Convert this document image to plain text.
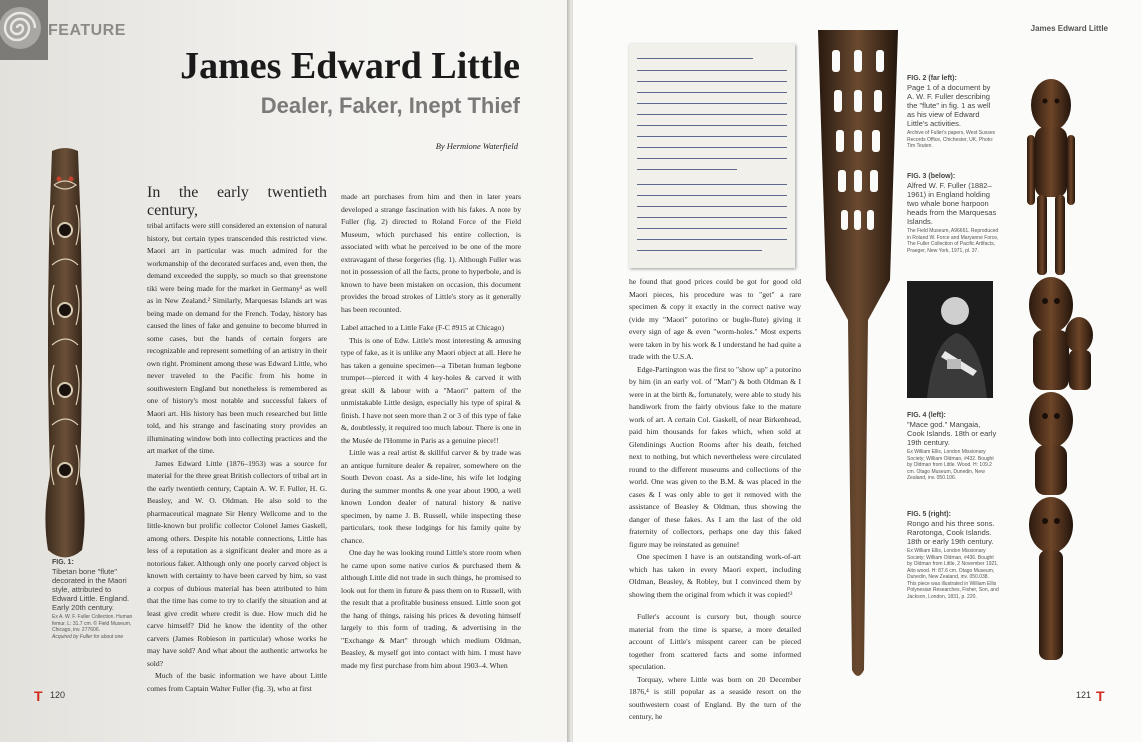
FEATURE
James Edward Little
Dealer, Faker, Inept Thief
By Hermione Waterfield
FIG. 1:
Tibetan bone "flute" decorated in the Maori style, attributed to Edward Little. England. Early 20th century.
Ex A. W. F. Fuller Collection. Human femur. L: 31.7 cm. © Field Museum, Chicago, inv. 277606.
Acquired by Fuller for about one
In the early twentieth century,

tribal artifacts were still considered an extension of natural history, but certain types transcended this restricted view. Maori art in particular was much admired for the workmanship of the decorated surfaces and, even then, the demand exceeded the supply, so much so that greenstone tiki were being made for the market in Germany¹ as well as in New Zealand.² Similarly, Marquesas Islands art was being made on demand for the French. Today, history has caused the lines of fake and genuine to become blurred in some cases, but the hands of certain forgers are recognizable and represent something of an artistry in their own right. Prominent among these was Edward Little, who never traveled to the Pacific from his home in southwestern England but nonetheless is remembered as one of history's most notable and successful fakers of Maori art. His history has been much researched but little told, and his strange and fascinating story provides an illuminating window both into collecting practices and the art market of the time.

James Edward Little (1876–1953) was a source for material for the three great British collectors of tribal art in the early twentieth century, Captain A. W. F. Fuller, H. G. Beasley, and W. O. Oldman. He also sold to the pharmaceutical magnate Sir Henry Wellcome and to the little-known but prolific collector Colonel James Gaskell, among others. Despite his notable connections, Little has less of a reputation as a significant dealer and more as a notorious faker. Although only one poorly carved object is known with certainty to have been carved by him, so vast a corpus of dubious material has been attributed to him that the time has come to try to clarify the situation and at least give credit where credit is due. How much did he carve himself? Did he know the identity of the other carvers (James Robieson in particular) whose works he may have sold? And what about the authentic artworks he sold?

Much of the basic information we have about Little comes from Captain Walter Fuller (fig. 3), who at first

made art purchases from him and then in later years developed a strange fascination with his fakes. A note by Fuller (fig. 2) directed to Roland Force of the Field Museum, which purchased his entire collection, is associated with what he perceived to be one of the more extravagant of these forgeries (fig. 1). Although Fuller was not in possession of all the facts, prone to hyperbole, and is known to have been mistaken on occasion, this document provides the broad strokes of Little's story as it generally has been recounted.

Label attached to a Little Fake (F-C #915 at Chicago)

This is one of Edw. Little's most interesting & amusing type of fake, as it is unlike any Maori object at all. Here he has taken a genuine specimen—a Tibetan human legbone trumpet—pierced it with 4 key-holes & carved it with great skill & labour with a "Maori" pattern of the unmistakable Little design, especially his type of spiral & finish. I have not seen more than 2 or 3 of this type of fake &, doubtlessly, it required too much labour. There is one in the Musée de l'Homme in Paris as a genuine piece!!

Little was a real artist & skillful carver & by trade was an antique furniture dealer & repairer, somewhere on the South Devon coast. As a side-line, his wife let lodging during the summer months & one year about 1900, a well known London dealer of natural history & native specimen, by name J. B. Russell, while inspecting these particulars, took these lodgings for his family quite by chance.

One day he was looking round Little's store room when he came upon some native curios & purchased them & although Little did not trade in such things, he promised to look out for them in future & pass them on to Russell, with the result that a profitable business ensued. Little soon got the hang of things, raising his prices & devoting himself largely to this form of trading, & advertising in the "Exchange & Mart" through which medium Oldman, Beasley, & myself got into contact with him. I must have made my first purchase from him about 1903–4. When

T 120
James Edward Little

he found that good prices could be got for good old Maori pieces, his procedure was to "get" a rare specimen & copy it exactly in the correct native way (vide my "Maori" putorino or bugle-flute) giving it every sign of age & even "worm-holes." Most experts were taken in by his work & I understand he had quite a trade with the U.S.A.

Edge-Partington was the first to "show up" a putorino by him (in an early vol. of "Man") & both Oldman & I were in at the birth &, fortunately, were able to study his handiwork from the fairly obvious fake to the mature work of art. A certain Col. Gaskell, of near Birkenhead, paid him thousands for fakes which, when sold at Glendinings Auction Rooms after his death, fetched next to nothing, but which nevertheless were circulated round to the different museums and collections of the world. One was given to the B.M. & was placed in the cases & I was only able to get it removed with the assistance of Beasley & Oldman, thus showing the danger of these fakes. As I am the last of the old fraternity of collectors, perhaps one day this faked figure may be reinstated as genuine!

One specimen I have is an outstanding work-of-art which has taken in every Maori expert, including Oldman, Beasley, & Robley, but I convinced them by showing them the original from which it was copied!³

Fuller's account is cursory but, though source material from the time is sparse, a more detailed account of Little's misspent career can be pieced together from scattered facts and some informed speculation.

Torquay, where Little was born on 20 December 1876,⁴ is still popular as a seaside resort on the southwestern coast of England. By the turn of the century, he

FIG. 2 (far left):
Page 1 of a document by A. W. F. Fuller describing the "flute" in fig. 1 as well as his view of Edward Little's activities.
Archive of Fuller's papers, West Sussex Records Office, Chichester, UK. Photo: Tim Teuten.
FIG. 3 (below):
Alfred W. F. Fuller (1882–1961) in England holding two whale bone harpoon heads from the Marquesas Islands.
The Field Museum, A96661. Reproduced in Roland W. Force and Maryanne Force, The Fuller Collection of Pacific Artifacts, Praeger, New York, 1971, pl. 37.
FIG. 4 (left):
"Mace god." Mangaia, Cook Islands. 18th or early 19th century.
Ex William Ellis, London Missionary Society; William Oldman, #432. Bought by Oldman from Little. Wood. H: 109.2 cm. Otago Museum, Dunedin, New Zealand, inv. 050.106.
FIG. 5 (right):
Rongo and his three sons. Rarotonga, Cook Islands. 18th or early 19th century.
Ex William Ellis, London Missionary Society; William Oldman, #436. Bought by Oldman from Little, 2 November 1921. Aito wood. H: 87.6 cm. Otago Museum, Dunedin, New Zealand, inv. 050.038. This piece was illustrated in William Ellis Polynesian Researches, Fisher, Son, and Jackson, London, 1831, p. 220.
121 T
